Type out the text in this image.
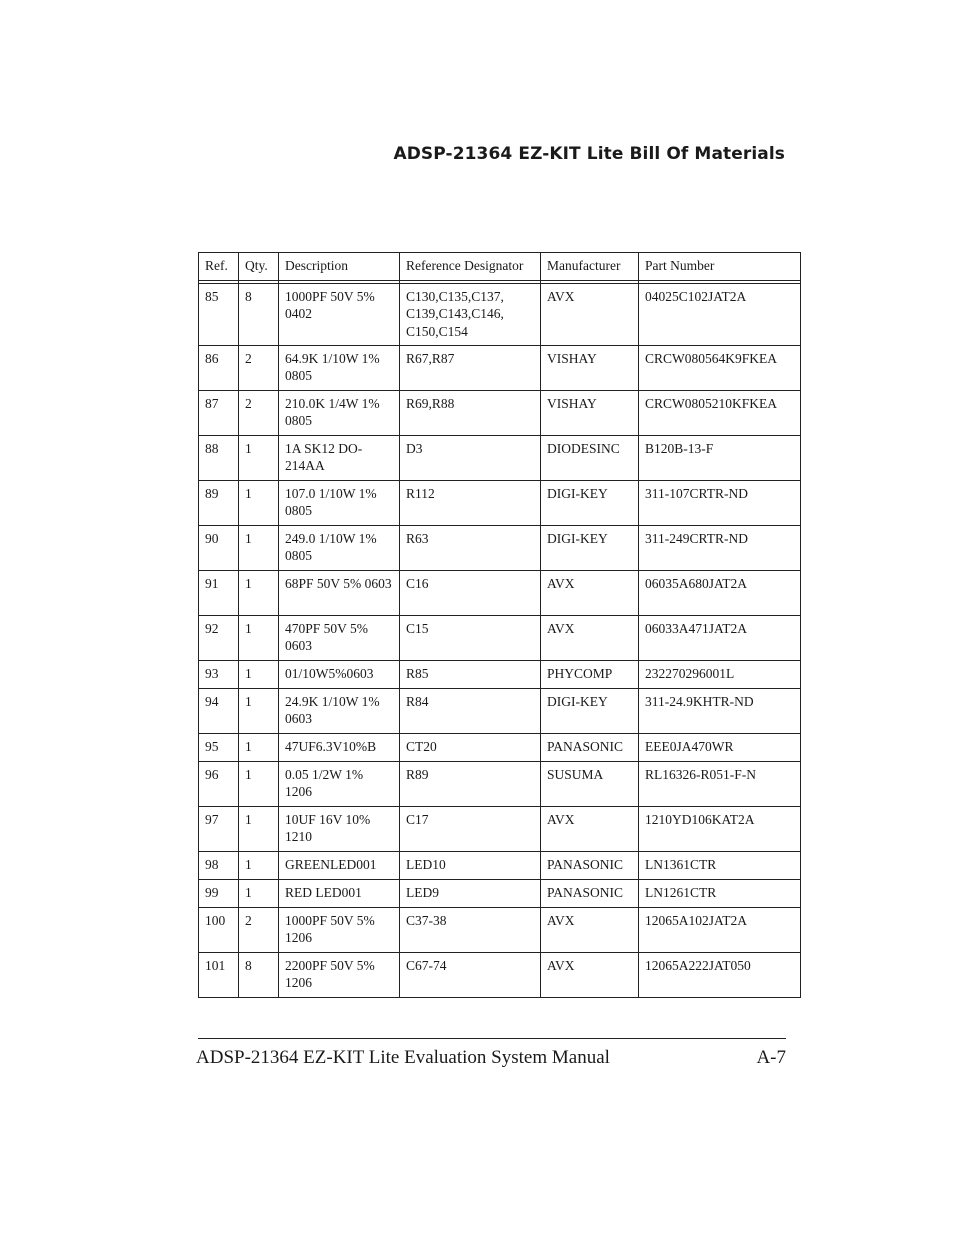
ADSP-21364 EZ-KIT Lite Bill Of Materials
Ref.	Qty.	Description	Reference Designator	Manufacturer	Part Number

85	8	1000PF 50V 5% 0402	C130,C135,C137, C139,C143,C146, C150,C154	AVX	04025C102JAT2A
86	2	64.9K 1/10W 1% 0805	R67,R87	VISHAY	CRCW080564K9FKEA
87	2	210.0K 1/4W 1% 0805	R69,R88	VISHAY	CRCW0805210KFKEA
88	1	1A SK12 DO-214AA	D3	DIODESINC	B120B-13-F
89	1	107.0 1/10W 1% 0805	R112	DIGI-KEY	311-107CRTR-ND
90	1	249.0 1/10W 1% 0805	R63	DIGI-KEY	311-249CRTR-ND
91	1	68PF 50V 5% 0603	C16	AVX	06035A680JAT2A
92	1	470PF 50V 5% 0603	C15	AVX	06033A471JAT2A
93	1	01/10W5%0603	R85	PHYCOMP	232270296001L
94	1	24.9K 1/10W 1% 0603	R84	DIGI-KEY	311-24.9KHTR-ND
95	1	47UF6.3V10%B	CT20	PANASONIC	EEE0JA470WR
96	1	0.05 1/2W 1% 1206	R89	SUSUMA	RL16326-R051-F-N
97	1	10UF 16V 10% 1210	C17	AVX	1210YD106KAT2A
98	1	GREENLED001	LED10	PANASONIC	LN1361CTR
99	1	RED LED001	LED9	PANASONIC	LN1261CTR
100	2	1000PF 50V 5% 1206	C37-38	AVX	12065A102JAT2A
101	8	2200PF 50V 5% 1206	C67-74	AVX	12065A222JAT050
ADSP-21364 EZ-KIT Lite Evaluation System Manual	A-7
